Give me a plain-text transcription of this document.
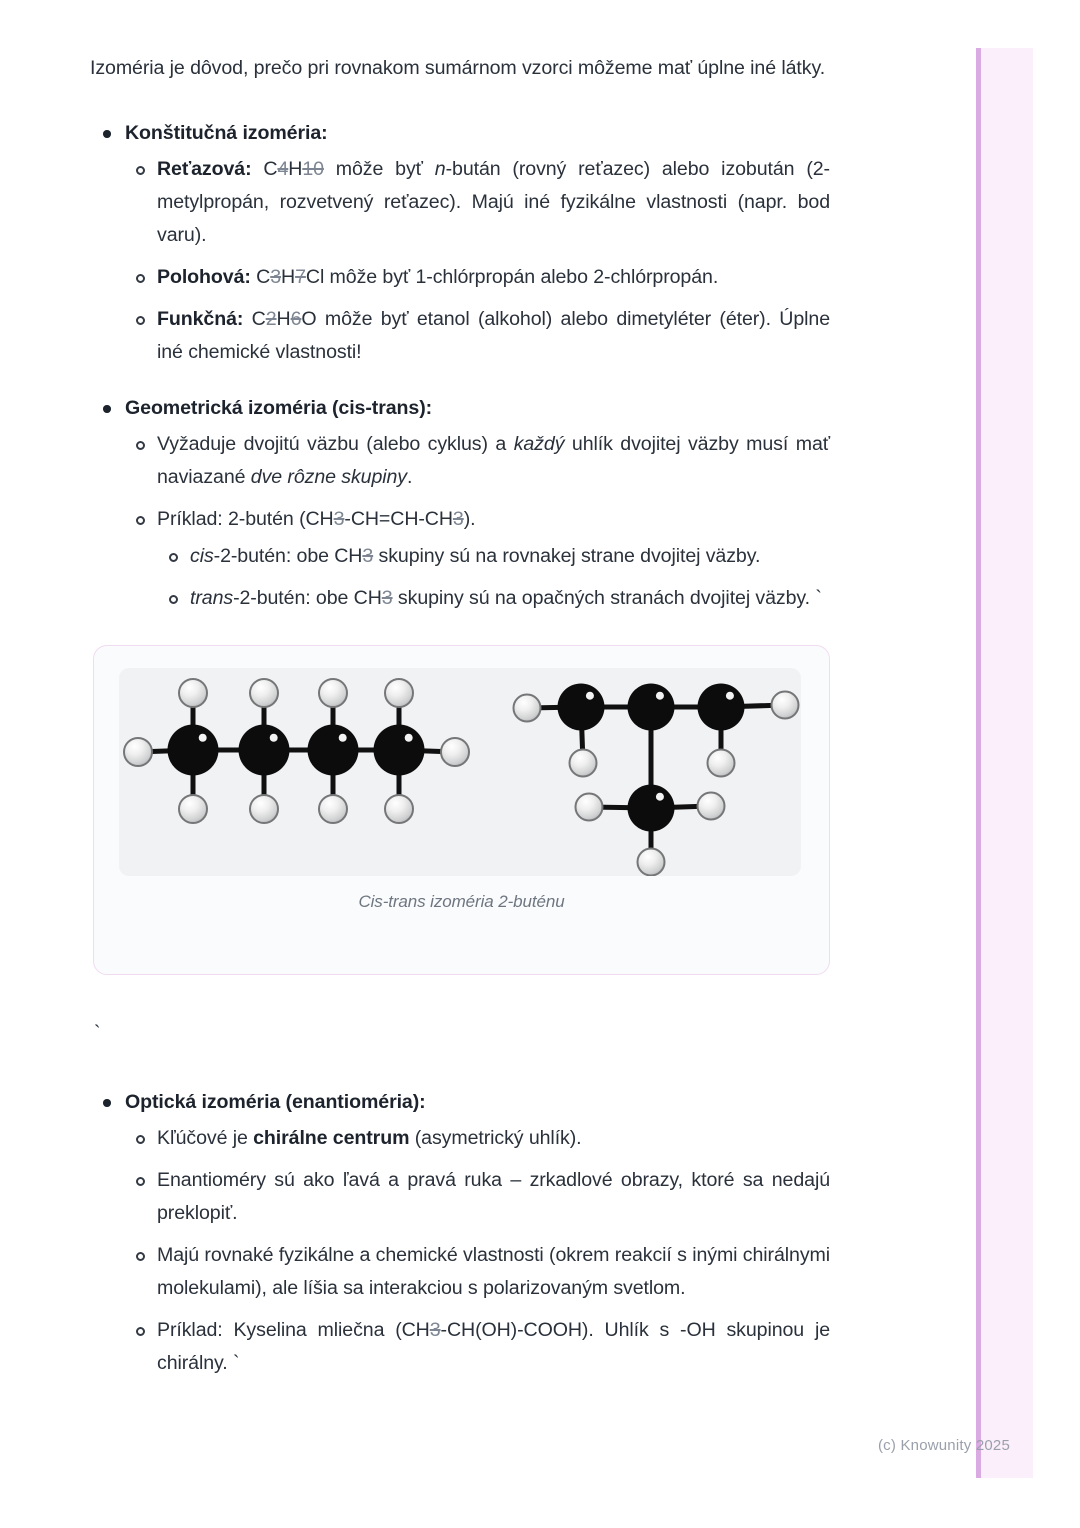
Izoméria je dôvod, prečo pri rovnakom sumárnom vzorci môžeme mať úplne iné látky.

Konštitučná izoméria:
Reťazová: C4H10 môže byť n-bután (rovný reťazec) alebo izobután (2-metylpropán, rozvetvený reťazec). Majú iné fyzikálne vlastnosti (napr. bod varu).
Polohová: C3H7Cl môže byť 1-chlórpropán alebo 2-chlórpropán.
Funkčná: C2H6O môže byť etanol (alkohol) alebo dimetyléter (éter). Úplne iné chemické vlastnosti!
Geometrická izoméria (cis-trans):
Vyžaduje dvojitú väzbu (alebo cyklus) a každý uhlík dvojitej väzby musí mať naviazané dve rôzne skupiny.
Príklad: 2-butén (CH3-CH=CH-CH3).
cis-2-butén: obe CH3 skupiny sú na rovnakej strane dvojitej väzby.
trans-2-butén: obe CH3 skupiny sú na opačných stranách dvojitej väzby. `
Cis-trans izoméria 2-buténu

`

Optická izoméria (enantioméria):
Kľúčové je chirálne centrum (asymetrický uhlík).
Enantioméry sú ako ľavá a pravá ruka – zrkadlové obrazy, ktoré sa nedajú preklopiť.
Majú rovnaké fyzikálne a chemické vlastnosti (okrem reakcií s inými chirálnymi molekulami), ale líšia sa interakciou s polarizovaným svetlom.
Príklad: Kyselina mliečna (CH3-CH(OH)-COOH). Uhlík s -OH skupinou je chirálny. `
(c) Knowunity 2025
